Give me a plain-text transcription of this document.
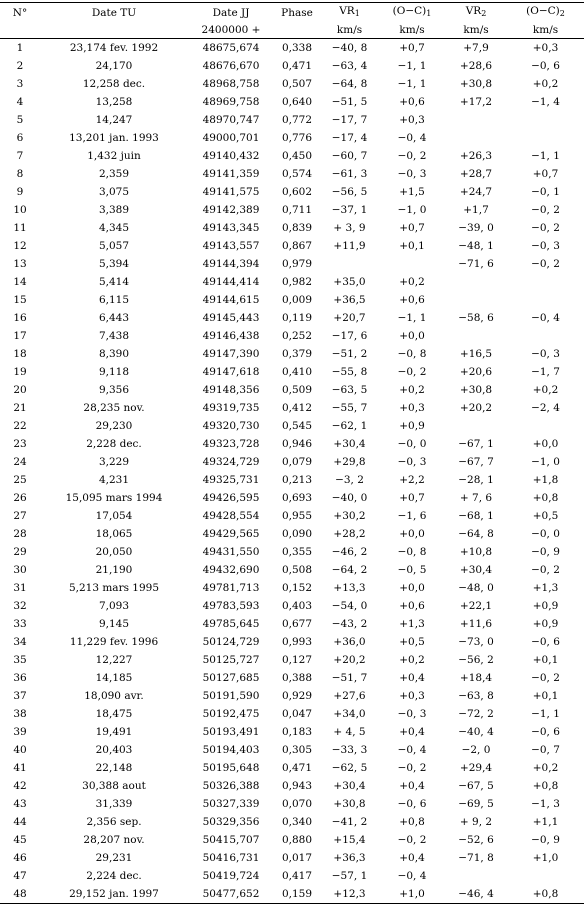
N°	Date TU	Date JJ	Phase	$VR_1$	$(O-C)_1$	$VR_2$	$(O-C)_2$
		2400000 +		km/s	km/s	km/s	km/s
1	23,174 fev. 1992	48675,674	0,338	−40, 8	+0,7	+7,9	+0,3
2	24,170	48676,670	0,471	−63, 4	−1, 1	+28,6	−0, 6
3	12,258 dec.	48968,758	0,507	−64, 8	−1, 1	+30,8	+0,2
4	13,258	48969,758	0,640	−51, 5	+0,6	+17,2	−1, 4
5	14,247	48970,747	0,772	−17, 7	+0,3		
6	13,201 jan. 1993	49000,701	0,776	−17, 4	−0, 4		
7	1,432 juin	49140,432	0,450	−60, 7	−0, 2	+26,3	−1, 1
8	2,359	49141,359	0,574	−61, 3	−0, 3	+28,7	+0,7
9	3,075	49141,575	0,602	−56, 5	+1,5	+24,7	−0, 1
10	3,389	49142,389	0,711	−37, 1	−1, 0	+1,7	−0, 2
11	4,345	49143,345	0,839	+ 3, 9	+0,7	−39, 0	−0, 2
12	5,057	49143,557	0,867	+11,9	+0,1	−48, 1	−0, 3
13	5,394	49144,394	0,979			−71, 6	−0, 2
14	5,414	49144,414	0,982	+35,0	+0,2		
15	6,115	49144,615	0,009	+36,5	+0,6		
16	6,443	49145,443	0,119	+20,7	−1, 1	−58, 6	−0, 4
17	7,438	49146,438	0,252	−17, 6	+0,0		
18	8,390	49147,390	0,379	−51, 2	−0, 8	+16,5	−0, 3
19	9,118	49147,618	0,410	−55, 8	−0, 2	+20,6	−1, 7
20	9,356	49148,356	0,509	−63, 5	+0,2	+30,8	+0,2
21	28,235 nov.	49319,735	0,412	−55, 7	+0,3	+20,2	−2, 4
22	29,230	49320,730	0,545	−62, 1	+0,9		
23	2,228 dec.	49323,728	0,946	+30,4	−0, 0	−67, 1	+0,0
24	3,229	49324,729	0,079	+29,8	−0, 3	−67, 7	−1, 0
25	4,231	49325,731	0,213	−3, 2	+2,2	−28, 1	+1,8
26	15,095 mars 1994	49426,595	0,693	−40, 0	+0,7	+ 7, 6	+0,8
27	17,054	49428,554	0,955	+30,2	−1, 6	−68, 1	+0,5
28	18,065	49429,565	0,090	+28,2	+0,0	−64, 8	−0, 0
29	20,050	49431,550	0,355	−46, 2	−0, 8	+10,8	−0, 9
30	21,190	49432,690	0,508	−64, 2	−0, 5	+30,4	−0, 2
31	5,213 mars 1995	49781,713	0,152	+13,3	+0,0	−48, 0	+1,3
32	7,093	49783,593	0,403	−54, 0	+0,6	+22,1	+0,9
33	9,145	49785,645	0,677	−43, 2	+1,3	+11,6	+0,9
34	11,229 fev. 1996	50124,729	0,993	+36,0	+0,5	−73, 0	−0, 6
35	12,227	50125,727	0,127	+20,2	+0,2	−56, 2	+0,1
36	14,185	50127,685	0,388	−51, 7	+0,4	+18,4	−0, 2
37	18,090 avr.	50191,590	0,929	+27,6	+0,3	−63, 8	+0,1
38	18,475	50192,475	0,047	+34,0	−0, 3	−72, 2	−1, 1
39	19,491	50193,491	0,183	+ 4, 5	+0,4	−40, 4	−0, 6
40	20,403	50194,403	0,305	−33, 3	−0, 4	−2, 0	−0, 7
41	22,148	50195,648	0,471	−62, 5	−0, 2	+29,4	+0,2
42	30,388 aout	50326,388	0,943	+30,4	+0,4	−67, 5	+0,8
43	31,339	50327,339	0,070	+30,8	−0, 6	−69, 5	−1, 3
44	2,356 sep.	50329,356	0,340	−41, 2	+0,8	+ 9, 2	+1,1
45	28,207 nov.	50415,707	0,880	+15,4	−0, 2	−52, 6	−0, 9
46	29,231	50416,731	0,017	+36,3	+0,4	−71, 8	+1,0
47	2,224 dec.	50419,724	0,417	−57, 1	−0, 4		
48	29,152 jan. 1997	50477,652	0,159	+12,3	+1,0	−46, 4	+0,8
